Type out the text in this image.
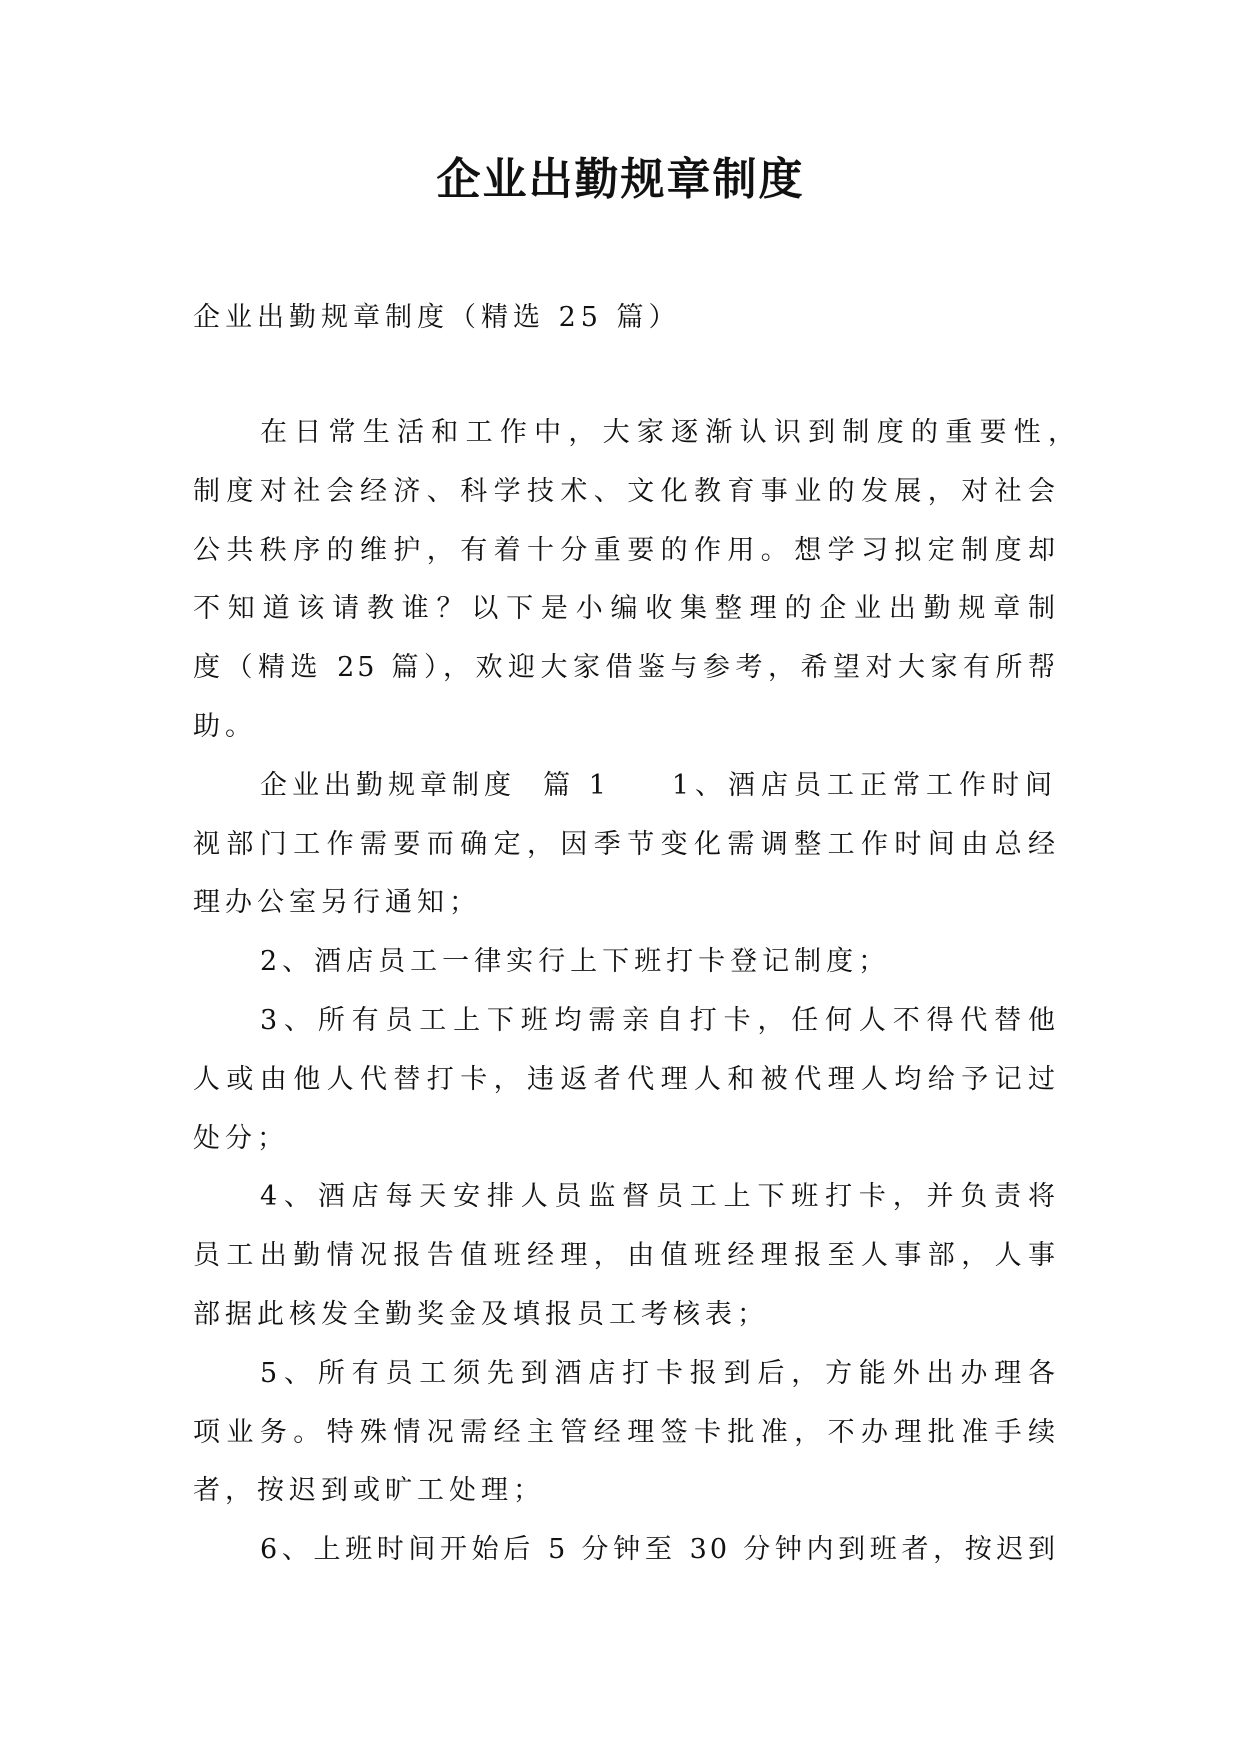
企业出勤规章制度
企业出勤规章制度（精选 25 篇）
在日常生活和工作中，大家逐渐认识到制度的重要性，
制度对社会经济、科学技术、文化教育事业的发展，对社会
公共秩序的维护，有着十分重要的作用。想学习拟定制度却
不知道该请教谁？以下是小编收集整理的企业出勤规章制
度（精选 25 篇），欢迎大家借鉴与参考，希望对大家有所帮
助。
企业出勤规章制度  篇 1 1、酒店员工正常工作时间
视部门工作需要而确定，因季节变化需调整工作时间由总经
理办公室另行通知；
2、酒店员工一律实行上下班打卡登记制度；
3、所有员工上下班均需亲自打卡，任何人不得代替他
人或由他人代替打卡，违返者代理人和被代理人均给予记过
处分；
4、酒店每天安排人员监督员工上下班打卡，并负责将
员工出勤情况报告值班经理，由值班经理报至人事部，人事
部据此核发全勤奖金及填报员工考核表；
5、所有员工须先到酒店打卡报到后，方能外出办理各
项业务。特殊情况需经主管经理签卡批准，不办理批准手续
者，按迟到或旷工处理；
6、上班时间开始后 5 分钟至 30 分钟内到班者，按迟到
